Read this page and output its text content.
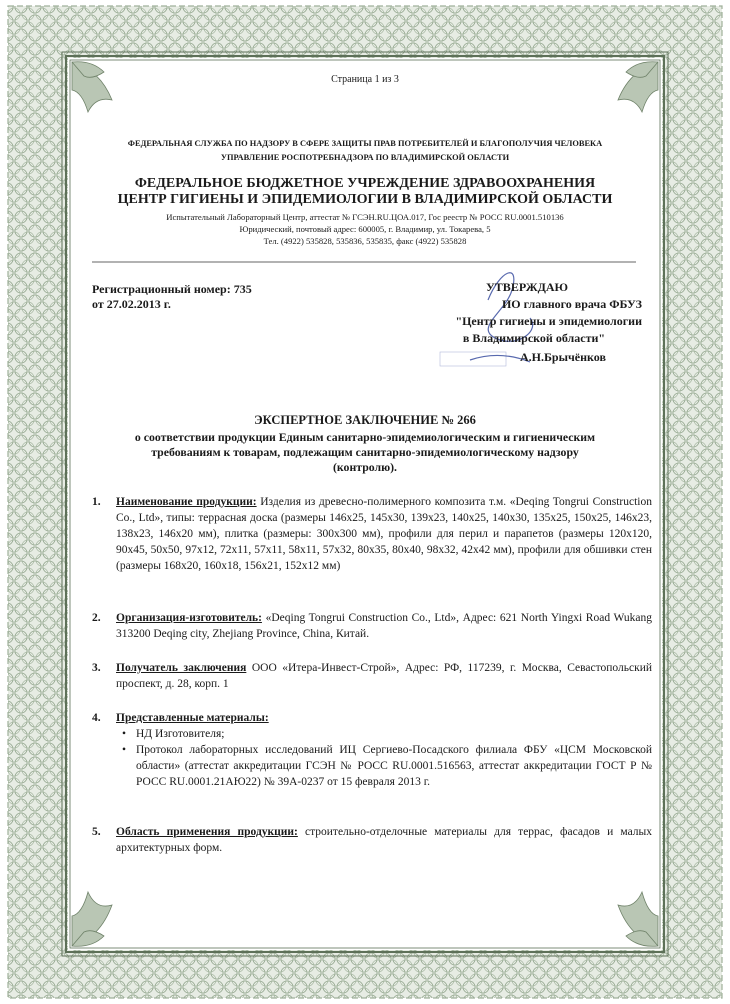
Страница 1 из 3
ФЕДЕРАЛЬНАЯ СЛУЖБА ПО НАДЗОРУ В СФЕРЕ ЗАЩИТЫ ПРАВ ПОТРЕБИТЕЛЕЙ И БЛАГОПОЛУЧИЯ ЧЕЛОВЕКА
УПРАВЛЕНИЕ РОСПОТРЕБНАДЗОРА ПО ВЛАДИМИРСКОЙ ОБЛАСТИ
ФЕДЕРАЛЬНОЕ БЮДЖЕТНОЕ УЧРЕЖДЕНИЕ ЗДРАВООХРАНЕНИЯ
ЦЕНТР ГИГИЕНЫ И ЭПИДЕМИОЛОГИИ В ВЛАДИМИРСКОЙ ОБЛАСТИ
Испытательный Лабораторный Центр, аттестат № ГСЭН.RU.ЦОА.017, Гос реестр № РОСС RU.0001.510136
Юридический, почтовый адрес: 600005, г. Владимир, ул. Токарева, 5
Тел. (4922) 535828, 535836, 535835, факс (4922) 535828
Регистрационный номер: 735
от 27.02.2013 г.
УТВЕРЖДАЮ
ИО главного врача ФБУЗ
"Центр гигиены и эпидемиологии
в Владимирской области"
А.Н.Брычёнков
ЭКСПЕРТНОЕ ЗАКЛЮЧЕНИЕ № 266
о соответствии продукции Единым санитарно-эпидемиологическим и гигиеническим
требованиям к товарам, подлежащим санитарно-эпидемиологическому надзору
(контролю).
1. Наименование продукции: Изделия из древесно-полимерного композита т.м. «Deqing Tongrui Construction Co., Ltd», типы: террасная доска (размеры 146х25, 145х30, 139х23, 140х25, 140х30, 135х25, 150х25, 146х23, 138х23, 146х20 мм), плитка (размеры: 300х300 мм), профили для перил и парапетов (размеры 120х120, 90х45, 50х50, 97х12, 72х11, 57х11, 58х11, 57х32, 80х35, 80х40, 98х32, 42х42 мм), профили для обшивки стен (размеры 168х20, 160х18, 156х21, 152х12 мм)
2. Организация-изготовитель: «Deqing Tongrui Construction Co., Ltd», Адрес: 621 North Yingxi Road Wukang 313200 Deqing city, Zhejiang Province, China, Китай.
3. Получатель заключения ООО «Итера-Инвест-Строй», Адрес: РФ, 117239, г. Москва, Севастопольский проспект, д. 28, корп. 1
4. Представленные материалы:
• НД Изготовителя;
• Протокол лабораторных исследований ИЦ Сергиево-Посадского филиала ФБУ «ЦСМ Московской области» (аттестат аккредитации ГСЭН № РОСС RU.0001.516563, аттестат аккредитации ГОСТ Р № РОСС RU.0001.21АЮ22) № 39А-0237 от 15 февраля 2013 г.
5. Область применения продукции: строительно-отделочные материалы для террас, фасадов и малых архитектурных форм.
